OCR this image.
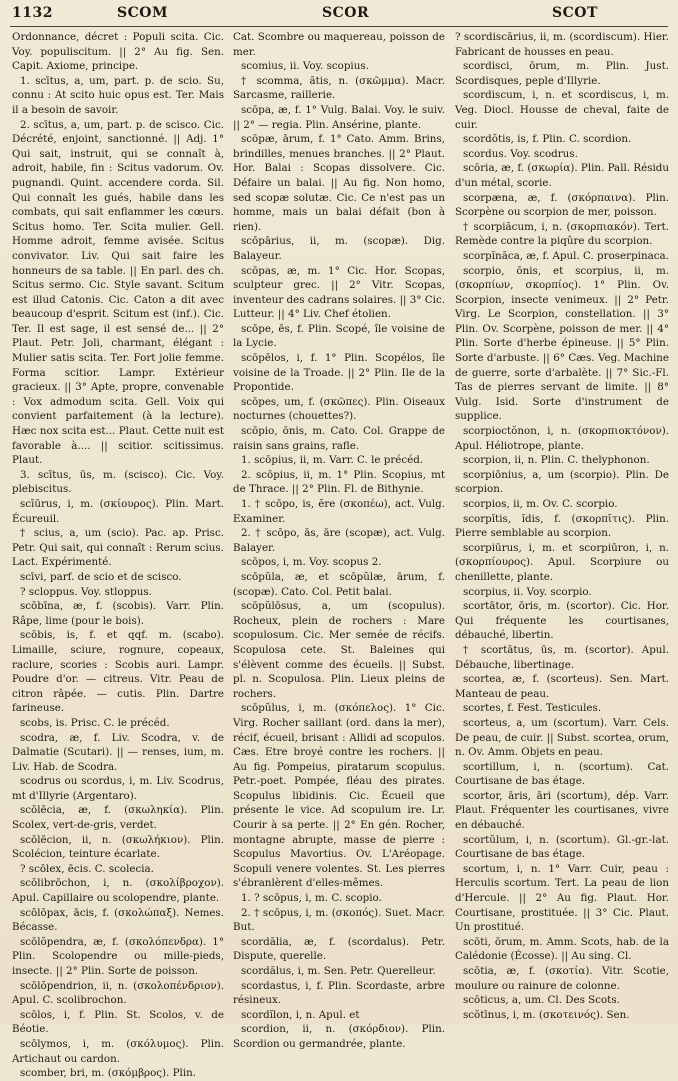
1132	SCOM	SCOR	SCOT

Ordonnance, décret : Populi scita. Cic. Voy. populiscitum. || 2° Au fig. Sen. Capit. Axiome, principe.

1. scītus, a, um, part. p. de scio. Su, connu : At scito huic opus est. Ter. Mais il a besoin de savoir.

2. scītus, a, um, part. p. de scisco. Cic. Décrété, enjoint, sanctionné. || Adj. 1° Qui sait, instruit, qui se connaît à, adroit, habile, fin : Scitus vadorum. Ov. pugnandi. Quint. accendere corda. Sil. Qui connaît les gués, habile dans les combats, qui sait enflammer les cœurs. Scitus homo. Ter. Scita mulier. Gell. Homme adroit, femme avisée. Scitus convivator. Liv. Qui sait faire les honneurs de sa table. || En parl. des ch. Scitus sermo. Cic. Style savant. Scitum est illud Catonis. Cic. Caton a dit avec beaucoup d'esprit. Scitum est (inf.). Cic. Ter. Il est sage, il est sensé de... || 2° Plaut. Petr. Joli, charmant, élégant : Mulier satis scita. Ter. Fort jolie femme. Forma scitior. Lampr. Extérieur gracieux. || 3° Apte, propre, convenable : Vox admodum scita. Gell. Voix qui convient parfaitement (à la lecture). Hæc nox scita est... Plaut. Cette nuit est favorable à.... || scitior. scitissimus. Plaut.

3. scītus, ūs, m. (scisco). Cic. Voy. plebiscitus.

scĭūrus, i, m. (σκίουρος). Plin. Mart. Écureuil.

† scius, a, um (scio). Pac. ap. Prisc. Petr. Qui sait, qui connaît : Rerum scius. Lact. Expérimenté.

scīvi, parf. de scio et de scisco.

? scloppus. Voy. stloppus.

scōbīna, æ, f. (scobis). Varr. Plin. Râpe, lime (pour le bois).

scōbis, is, f. et qqf. m. (scabo). Limaille, sciure, rognure, copeaux, raclure, scories : Scobis auri. Lampr. Poudre d'or. — citreus. Vitr. Peau de citron râpée. — cutis. Plin. Dartre farineuse.

scobs, is. Prisc. C. le précéd.

scodra, æ, f. Liv. Scodra, v. de Dalmatie (Scutari). || — renses, ium, m. Liv. Hab. de Scodra.

scodrus ou scordus, i, m. Liv. Scodrus, mt d'Illyrie (Argentaro).

scōlēcia, æ, f. (σκωληκία). Plin. Scolex, vert-de-gris, verdet.

scōlēcion, ii, n. (σκωλήκιον). Plin. Scolécion, teinture écarlate.

? scōlex, ēcis. C. scolecia.

scōlibrōchon, i, n. (σκολίβροχον). Apul. Capillaire ou scolopendre, plante.

scōlōpax, ācis, f. (σκολώπαξ). Nemes. Bécasse.

scōlŏpendra, æ, f. (σκολόπενδρα). 1° Plin. Scolopendre ou mille-pieds, insecte. || 2° Plin. Sorte de poisson.

scōlŏpendrion, ii, n. (σκολοπένδριον). Apul. C. scolibrochon.

scōlos, i, f. Plin. St. Scolos, v. de Béotie.

scōlymos, i, m. (σκόλυμος). Plin. Artichaut ou cardon.

scomber, bri, m. (σκόμβρος). Plin.

Cat. Scombre ou maquereau, poisson de mer.

scomius, ii. Voy. scopius.

† scomma, ătis, n. (σκῶμμα). Macr. Sarcasme, raillerie.

scōpa, æ, f. 1° Vulg. Balai. Voy. le suiv. || 2° — regia. Plin. Ansérine, plante.

scōpæ, ārum, f. 1° Cato. Amm. Brins, brindilles, menues branches. || 2° Plaut. Hor. Balai : Scopas dissolvere. Cic. Défaire un balai. || Au fig. Non homo, sed scopæ solutæ. Cic. Ce n'est pas un homme, mais un balai défait (bon à rien).

scōpārius, ii, m. (scopæ). Dig. Balayeur.

scōpas, æ, m. 1° Cic. Hor. Scopas, sculpteur grec. || 2° Vitr. Scopas, inventeur des cadrans solaires. || 3° Cic. Lutteur. || 4° Liv. Chef étolien.

scōpe, ēs, f. Plin. Scopé, île voisine de la Lycie.

scōpēlos, i, f. 1° Plin. Scopélos, île voisine de la Troade. || 2° Plin. Ile de la Propontide.

scōpes, um, f. (σκῶπες). Plin. Oiseaux nocturnes (chouettes?).

scōpio, ōnis, m. Cato. Col. Grappe de raisin sans grains, rafle.

1. scōpius, ii, m. Varr. C. le précéd.

2. scōpius, ii, m. 1° Plin. Scopius, mt de Thrace. || 2° Plin. Fl. de Bithynie.

1. † scōpo, is, ĕre (σκοπέω), act. Vulg. Examiner.

2. † scōpo, ās, āre (scopæ), act. Vulg. Balayer.

scōpos, i, m. Voy. scopus 2.

scōpŭla, æ, et scōpŭlæ, ārum, f. (scopæ). Cato. Col. Petit balai.

scōpŭlōsus, a, um (scopulus). Rocheux, plein de rochers : Mare scopulosum. Cic. Mer semée de récifs. Scopulosa cete. St. Baleines qui s'élèvent comme des écueils. || Subst. pl. n. Scopulosa. Plin. Lieux pleins de rochers.

scōpŭlus, i, m. (σκόπελος). 1° Cic. Virg. Rocher saillant (ord. dans la mer), récif, écueil, brisant : Allidi ad scopulos. Cæs. Etre broyé contre les rochers. || Au fig. Pompeius, piratarum scopulus. Petr.-poet. Pompée, fléau des pirates. Scopulus libidinis. Cic. Écueil que présente le vice. Ad scopulum ire. Lr. Courir à sa perte. || 2° En gén. Rocher, montagne abrupte, masse de pierre : Scopulus Mavortius. Ov. L'Aréopage. Scopuli venere volentes. St. Les pierres s'ébranlèrent d'elles-mêmes.

1. ? scōpus, i, m. C. scopio.

2. † scōpus, i, m. (σκοπός). Suet. Macr. But.

scordălia, æ, f. (scordalus). Petr. Dispute, querelle.

scordălus, i, m. Sen. Petr. Querelleur.

scordastus, i, f. Plin. Scordaste, arbre résineux.

scordĭlon, i, n. Apul. et

scordion, ii, n. (σκόρδιον). Plin. Scordion ou germandrée, plante.

? scordiscārius, ii, m. (scordiscum). Hier. Fabricant de housses en peau.

scordisci, ōrum, m. Plin. Just. Scordisques, peple d'Illyrie.

scordiscum, i, n. et scordiscus, i, m. Veg. Diocl. Housse de cheval, faite de cuir.

scordŏtis, is, f. Plin. C. scordion.

scordus. Voy. scodrus.

scōria, æ, f. (σκωρία). Plin. Pall. Résidu d'un métal, scorie.

scorpæna, æ, f. (σκόρπαινα). Plin. Scorpène ou scorpion de mer, poisson.

† scorpiăcum, i, n. (σκορπιακόν). Tert. Remède contre la piqûre du scorpion.

scorpĭnăca, æ, f. Apul. C. proserpinaca.

scorpio, ōnis, et scorpius, ii, m. (σκορπίων, σκορπίος). 1° Plin. Ov. Scorpion, insecte venimeux. || 2° Petr. Virg. Le Scorpion, constellation. || 3° Plin. Ov. Scorpène, poisson de mer. || 4° Plin. Sorte d'herbe épineuse. || 5° Plin. Sorte d'arbuste. || 6° Cæs. Veg. Machine de guerre, sorte d'arbalète. || 7° Sic.-Fl. Tas de pierres servant de limite. || 8° Vulg. Isid. Sorte d'instrument de supplice.

scorpioctŏnon, i, n. (σκορπιοκτόνον). Apul. Héliotrope, plante.

scorpion, ii, n. Plin. C. thelyphonon.

scorpiōnius, a, um (scorpio). Plin. De scorpion.

scorpios, ii, m. Ov. C. scorpio.

scorpĭtis, ĭdis, f. (σκορπῖτις). Plin. Pierre semblable au scorpion.

scorpiūrus, i, m. et scorpiūron, i, n. (σκορπίουρος). Apul. Scorpiure ou chenillette, plante.

scorpius, ii. Voy. scorpio.

scortātor, ōris, m. (scortor). Cic. Hor. Qui fréquente les courtisanes, débauché, libertin.

† scortātus, ūs, m. (scortor). Apul. Débauche, libertinage.

scortea, æ, f. (scorteus). Sen. Mart. Manteau de peau.

scortes, f. Fest. Testicules.

scorteus, a, um (scortum). Varr. Cels. De peau, de cuir. || Subst. scortea, orum, n. Ov. Amm. Objets en peau.

scortillum, i, n. (scortum). Cat. Courtisane de bas étage.

scortor, āris, āri (scortum), dép. Varr. Plaut. Fréquenter les courtisanes, vivre en débauché.

scortŭlum, i, n. (scortum). Gl.-gr.-lat. Courtisane de bas étage.

scortum, i, n. 1° Varr. Cuir, peau : Herculis scortum. Tert. La peau de lion d'Hercule. || 2° Au fig. Plaut. Hor. Courtisane, prostituée. || 3° Cic. Plaut. Un prostitué.

scōti, ōrum, m. Amm. Scots, hab. de la Calédonie (Écosse). || Au sing. Cl.

scōtia, æ, f. (σκοτία). Vitr. Scotie, moulure ou rainure de colonne.

scōticus, a, um. Cl. Des Scots.

scŏtīnus, i, m. (σκοτεινός). Sen.
